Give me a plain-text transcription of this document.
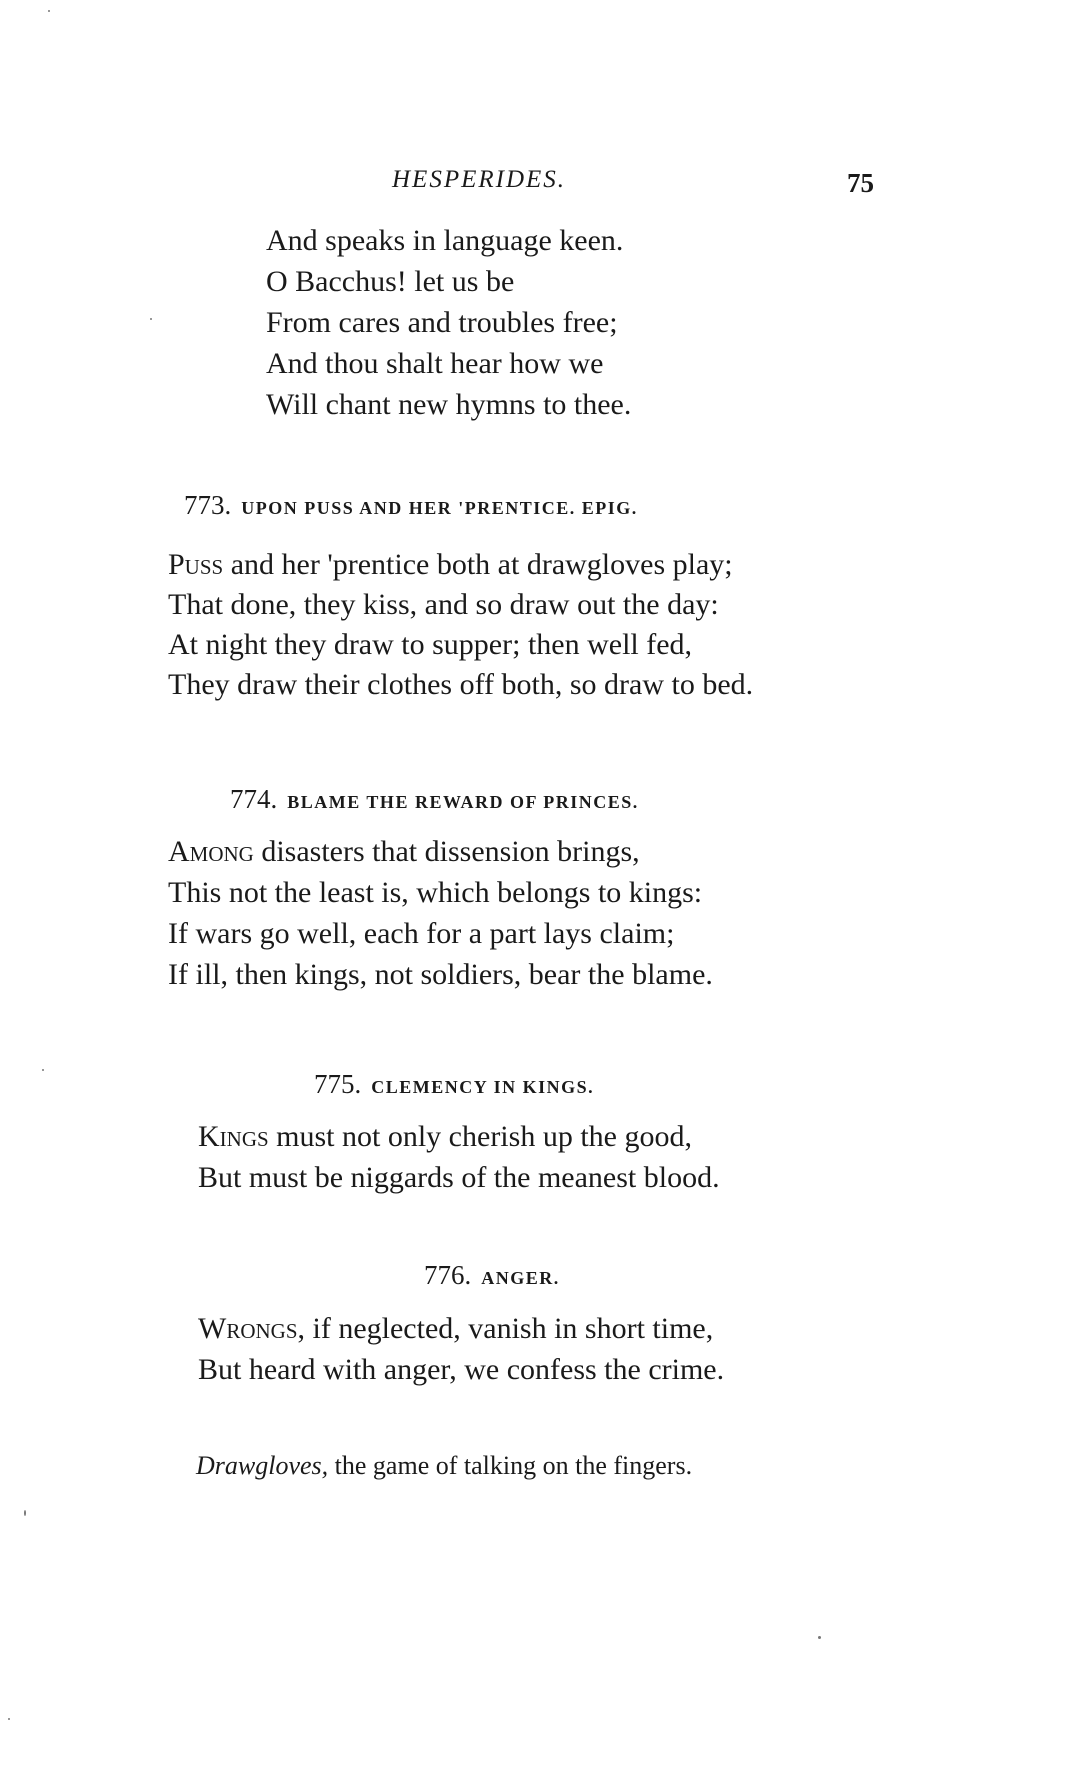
HESPERIDES.	75
And speaks in language keen.
O Bacchus! let us be
From cares and troubles free;
And thou shalt hear how we
Will chant new hymns to thee.
773. UPON PUSS AND HER 'PRENTICE. EPIG.
Puss and her 'prentice both at drawgloves play;
That done, they kiss, and so draw out the day:
At night they draw to supper; then well fed,
They draw their clothes off both, so draw to bed.
774. BLAME THE REWARD OF PRINCES.
Among disasters that dissension brings,
This not the least is, which belongs to kings:
If wars go well, each for a part lays claim;
If ill, then kings, not soldiers, bear the blame.
775. CLEMENCY IN KINGS.
Kings must not only cherish up the good,
But must be niggards of the meanest blood.
776. ANGER.
Wrongs, if neglected, vanish in short time,
But heard with anger, we confess the crime.
Drawgloves, the game of talking on the fingers.
